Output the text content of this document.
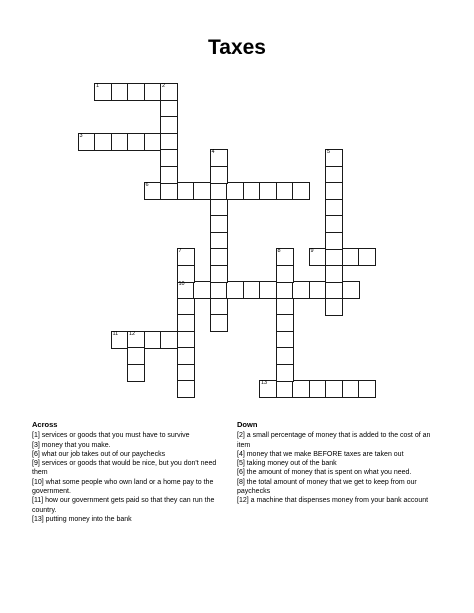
Taxes
1	2
3
4	5
6
7	8	9
10
11 12
13
Across

[1] services or goods that you must have to survive

[3] money that you make.

[6] what our job takes out of our paychecks

[9] services or goods that would be nice, but you don't need them

[10] what some people who own land or a home pay to the government.

[11] how our government gets paid so that they can run the country.

[13] putting money into the bank

Down

[2] a small percentage of money that is added to the cost of an item

[4] money that we make BEFORE taxes are taken out

[5] taking money out of the bank

[6] the amount of money that is spent on what you need.

[8] the total amount of money that we get to keep from our paychecks

[12] a machine that dispenses money from your bank account
